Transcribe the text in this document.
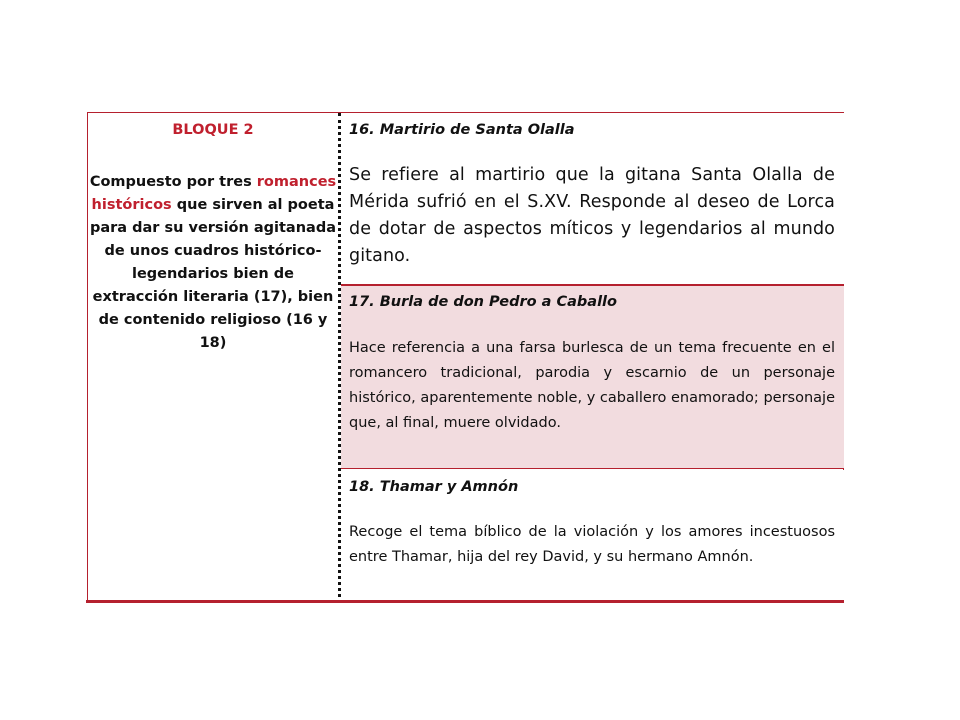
BLOQUE 2

Compuesto por tres romances históricos que sirven al poeta para dar su versión agitanada de unos cuadros histórico-legendarios bien de extracción literaria (17), bien de contenido religioso (16 y 18)

16. Martirio de Santa Olalla

Se refiere al martirio que la gitana Santa Olalla de Mérida sufrió en el S.XV. Responde al deseo de Lorca de dotar de aspectos míticos y legendarios al mundo gitano.

17. Burla de don Pedro a Caballo

Hace referencia a una farsa burlesca de un tema frecuente en el romancero tradicional, parodia y escarnio de un personaje histórico, aparentemente noble, y caballero enamorado; personaje que, al final, muere olvidado.

18. Thamar y Amnón

Recoge el tema bíblico de la violación y los amores incestuosos entre Thamar, hija del rey David, y su hermano Amnón.
